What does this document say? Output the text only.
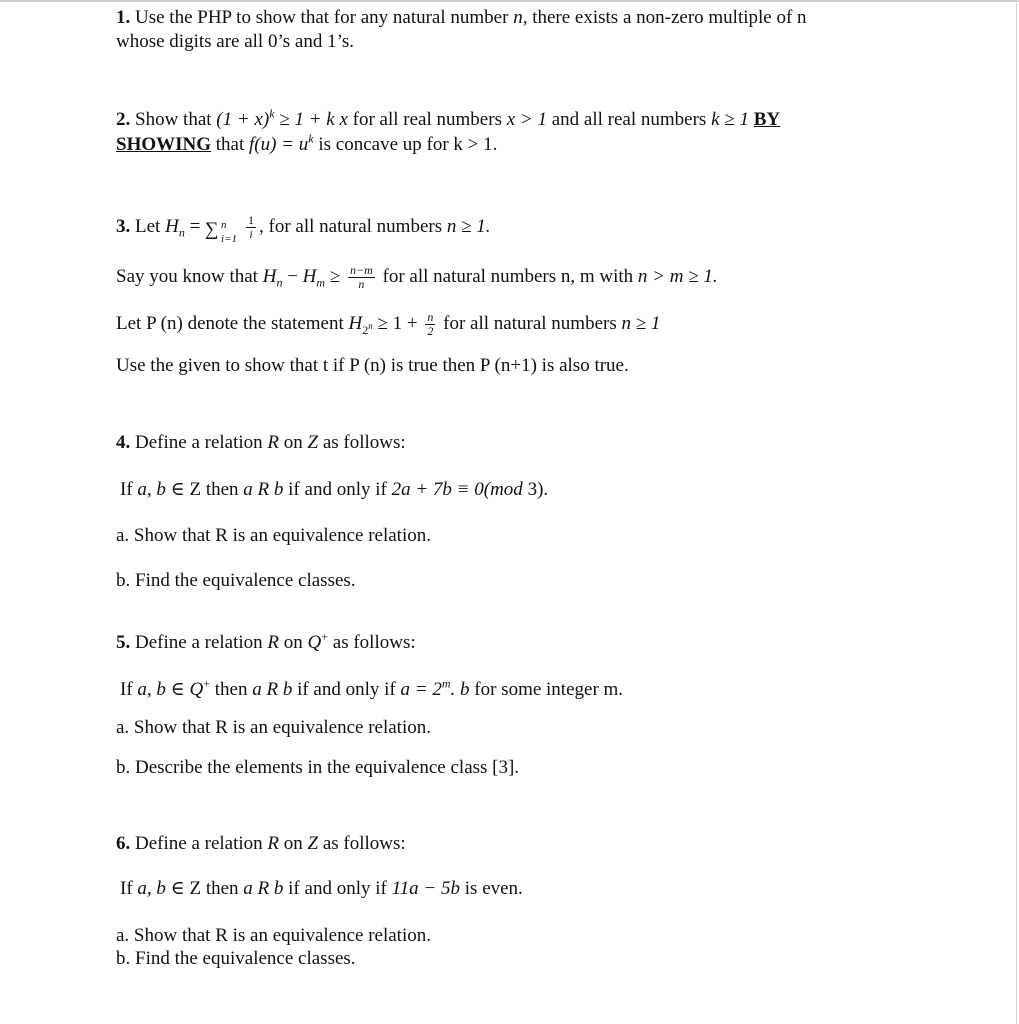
1. Use the PHP to show that for any natural number n, there exists a non-zero multiple of n
whose digits are all 0’s and 1’s.
2. Show that $(1 + x)^k \ge 1 + k$ x for all real numbers x > 1 and all real numbers k ≥ 1 BY
SHOWING that $f(u) = u^k$ is concave up for k > 1.
3. Let $H_n$ = ∑ n
$i=1 \frac{1}{i}$ , for all natural numbers n ≥ 1.
Say you know that $H_n - H_m \ge \frac{n-m}{n}$ for all natural numbers n, m with n > m ≥ 1.
Let P (n) denote the statement $H_{2^n} \ge 1 + \frac{n}{2}$ for all natural numbers n ≥ 1
Use the given to show that t if P (n) is true then P (n+1) is also true.
4. Define a relation R on Z as follows:
If a, b ∈ Z then a R b if and only if 2a + 7b ≡ 0(mod 3).
a. Show that R is an equivalence relation.
b. Find the equivalence classes.
5. Define a relation R on Q+ as follows:
If a, b ∈ Q+ then a R b if and only if $a = 2^m$. b for some integer m.
a. Show that R is an equivalence relation.
b. Describe the elements in the equivalence class [3].
6. Define a relation R on Z as follows:
If a, b ∈ Z then a R b if and only if 11a − 5b is even.
a. Show that R is an equivalence relation.
b. Find the equivalence classes.
